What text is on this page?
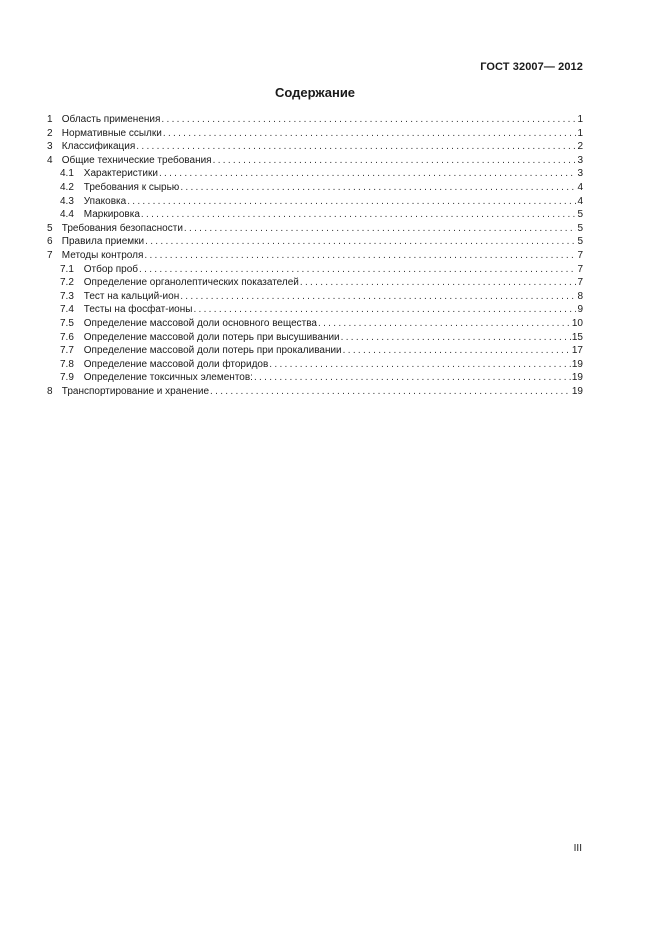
ГОСТ 32007— 2012
Содержание
1 Область применения .....	1
2 Нормативные ссылки .....	1
3 Классификация .....	2
4 Общие технические требования .....	3
4.1 Характеристики .....	3
4.2 Требования к сырью .....	4
4.3 Упаковка .....	4
4.4 Маркировка .....	5
5 Требования безопасности .....	5
6 Правила приемки .....	5
7 Методы контроля .....	7
7.1 Отбор проб .....	7
7.2 Определение органолептических показателей .....	7
7.3 Тест на кальций-ион .....	8
7.4 Тесты на фосфат-ионы .....	9
7.5 Определение массовой доли основного вещества .....	10
7.6 Определение массовой доли потерь при высушивании .....	15
7.7 Определение массовой доли потерь при прокаливании .....	17
7.8 Определение массовой доли фторидов .....	19
7.9 Определение токсичных элементов: .....	19
8 Транспортирование и хранение .....	19
III
